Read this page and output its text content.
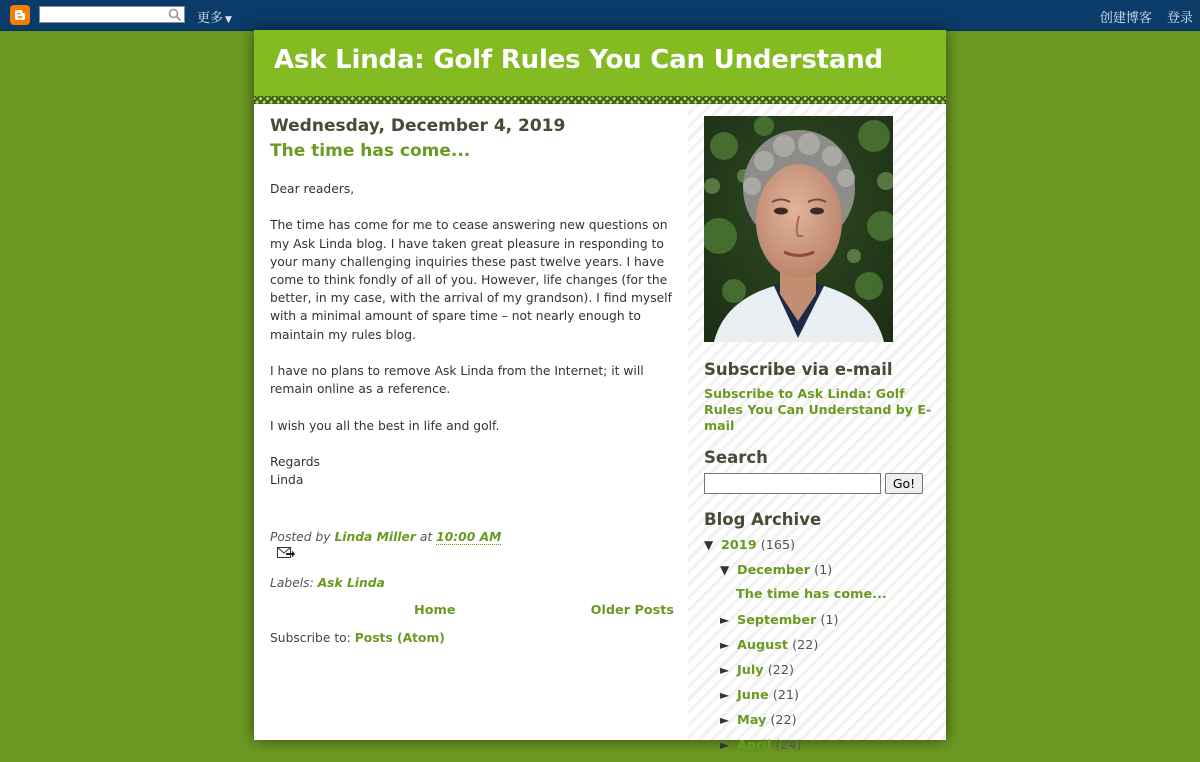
更多 ▼	创建博客 登录
Ask Linda: Golf Rules You Can Understand
Wednesday, December 4, 2019
The time has come...

Dear readers,

The time has come for me to cease answering new questions on my Ask Linda blog. I have taken great pleasure in responding to your many challenging inquiries these past twelve years. I have come to think fondly of all of you. However, life changes (for the better, in my case, with the arrival of my grandson). I find myself with a minimal amount of spare time – not nearly enough to maintain my rules blog.

I have no plans to remove Ask Linda from the Internet; it will remain online as a reference.

I wish you all the best in life and golf.

Regards
Linda
Posted by Linda Miller at 10:00 AM
Labels: Ask Linda
Home	Older Posts
Subscribe to: Posts (Atom)
Subscribe via e-mail
Subscribe to Ask Linda: Golf Rules You Can Understand by E-mail
Search
Go!
Blog Archive
▼ 2019 (165)
▼ December (1)
The time has come...
► September (1)
► August (22)
► July (22)
► June (21)
► May (22)
► April (24)
